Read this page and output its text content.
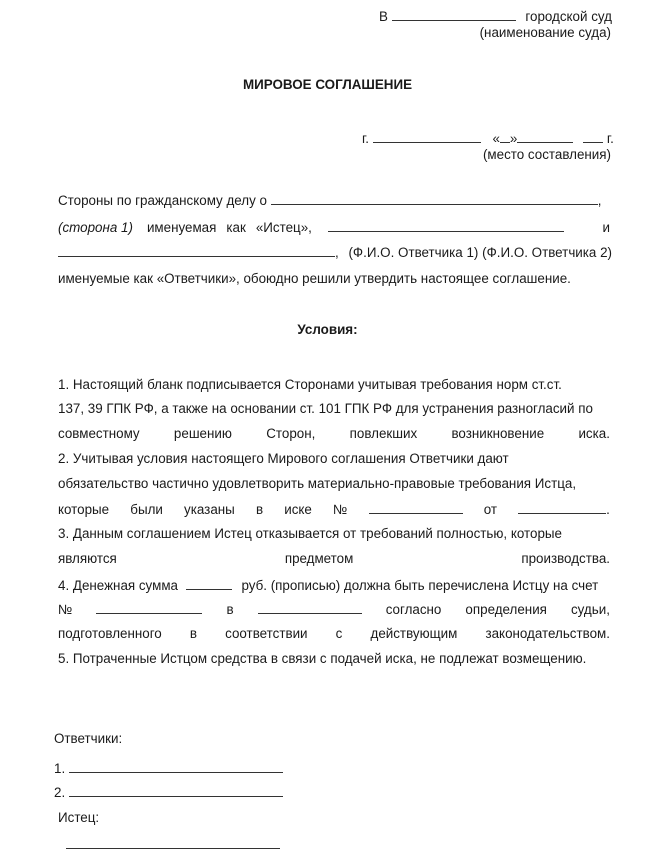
В	городской суд
(наименование суда)
МИРОВОЕ СОГЛАШЕНИЕ
г.	« »	г.
(место составления)
Стороны по гражданскому делу о	,
(сторона 1) именуемая как «Истец»,	и
, (Ф.И.О. Ответчика 1) (Ф.И.О. Ответчика 2)
именуемые как «Ответчики», обоюдно решили утвердить настоящее соглашение.
Условия:
1. Настоящий бланк подписывается Сторонами учитывая требования норм ст.ст.
137, 39 ГПК РФ, а также на основании ст. 101 ГПК РФ для устранения разногласий по
совместному	решению	Сторон,	повлекших	возникновение	иска.
2. Учитывая условия настоящего Мирового соглашения Ответчики дают
обязательство частично удовлетворить материально-правовые требования Истца,
которые были указаны в иске №	от	.
3. Данным соглашением Истец отказывается от требований полностью, которые
являются	предметом	производства.
4. Денежная сумма	руб. (прописью) должна быть перечислена Истцу на счет
№	в	согласно определения судьи,
подготовленного в соответствии с действующим законодательством.
5. Потраченные Истцом средства в связи с подачей иска, не подлежат возмещению.
Ответчики:
1.
2.
Истец:
